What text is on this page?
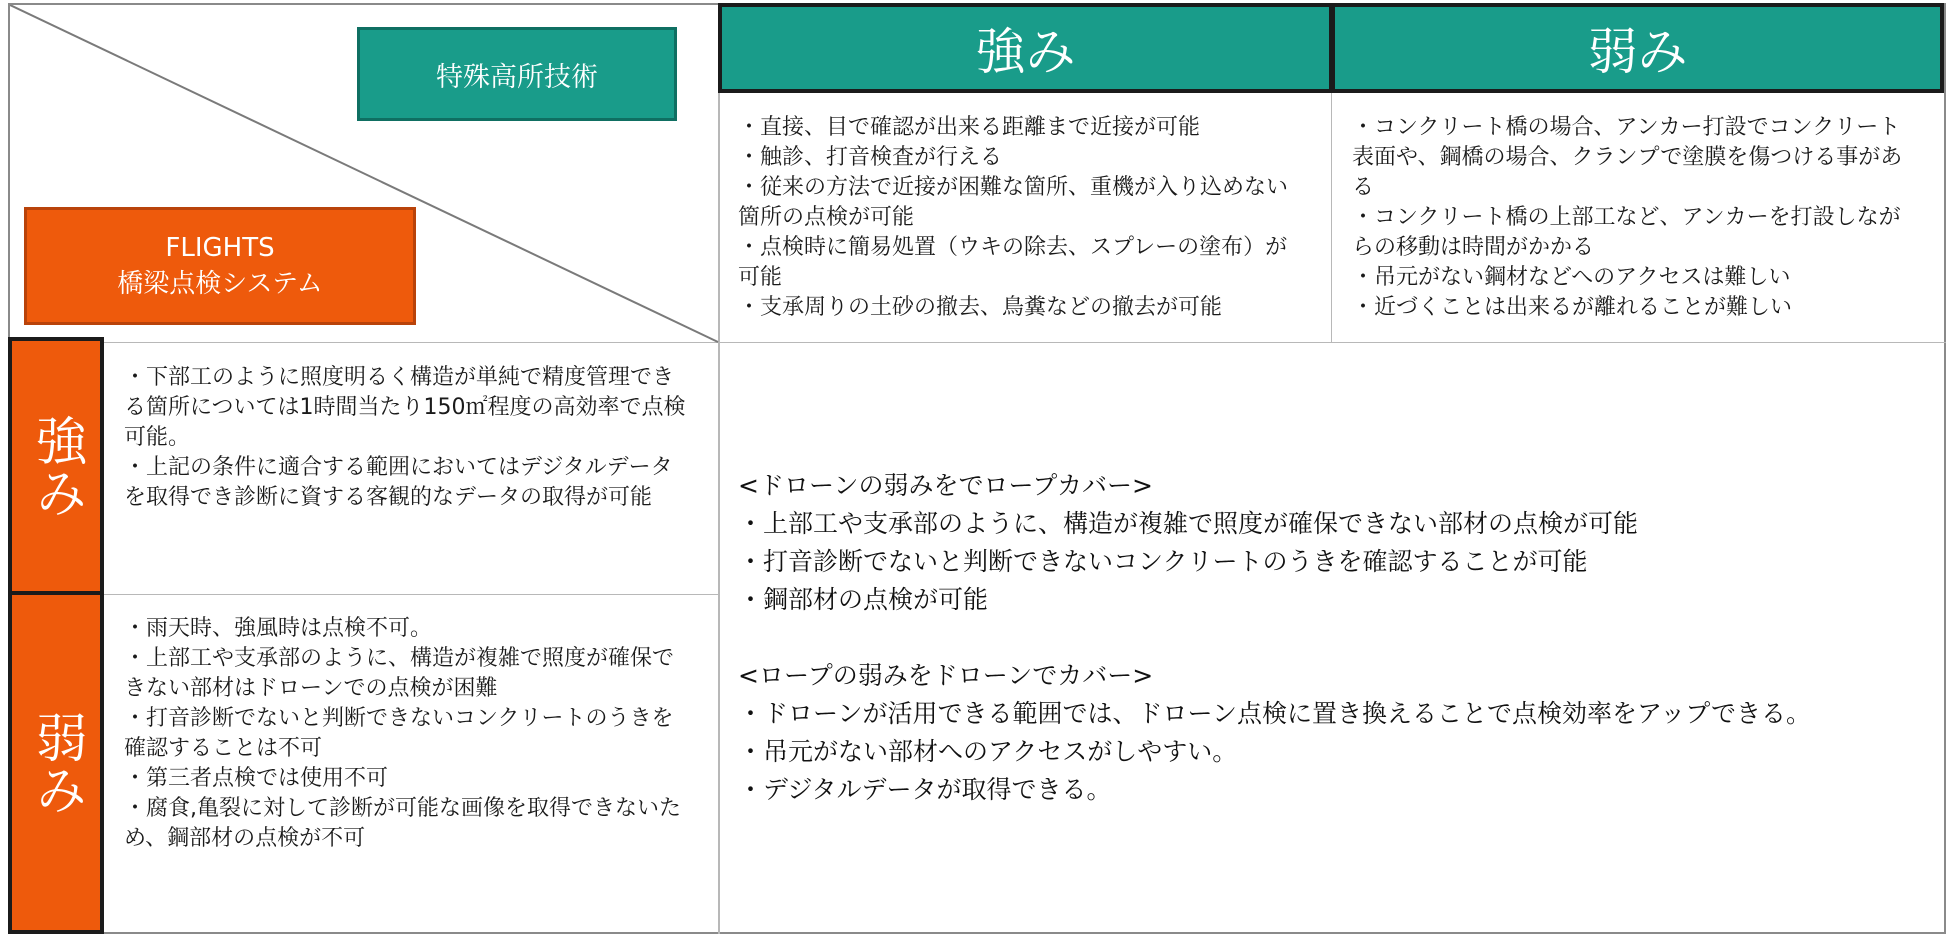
特殊高所技術
FLIGHTS
橋梁点検システム
強み	弱み
強み
弱み

・直接、目で確認が出来る距離まで近接が可能

・触診、打音検査が行える

・従来の方法で近接が困難な箇所、重機が入り込めない箇所の点検が可能

・点検時に簡易処置（ウキの除去、スプレーの塗布）が可能

・支承周りの土砂の撤去、鳥糞などの撤去が可能

・コンクリート橋の場合、アンカー打設でコンクリート表面や、鋼橋の場合、クランプで塗膜を傷つける事がある

・コンクリート橋の上部工など、アンカーを打設しながらの移動は時間がかかる

・吊元がない鋼材などへのアクセスは難しい

・近づくことは出来るが離れることが難しい

・下部工のように照度明るく構造が単純で精度管理できる箇所については1時間当たり150㎡程度の高効率で点検可能。

・上記の条件に適合する範囲においてはデジタルデータを取得でき診断に資する客観的なデータの取得が可能

・雨天時、強風時は点検不可。

・上部工や支承部のように、構造が複雑で照度が確保できない部材はドローンでの点検が困難

・打音診断でないと判断できないコンクリートのうきを確認することは不可

・第三者点検では使用不可

・腐食,亀裂に対して診断が可能な画像を取得できないため、鋼部材の点検が不可

<ドローンの弱みをでロープカバー>

・上部工や支承部のように、構造が複雑で照度が確保できない部材の点検が可能

・打音診断でないと判断できないコンクリートのうきを確認することが可能

・鋼部材の点検が可能

<ロープの弱みをドローンでカバー>

・ドローンが活用できる範囲では、ドローン点検に置き換えることで点検効率をアップできる。

・吊元がない部材へのアクセスがしやすい。

・デジタルデータが取得できる。
